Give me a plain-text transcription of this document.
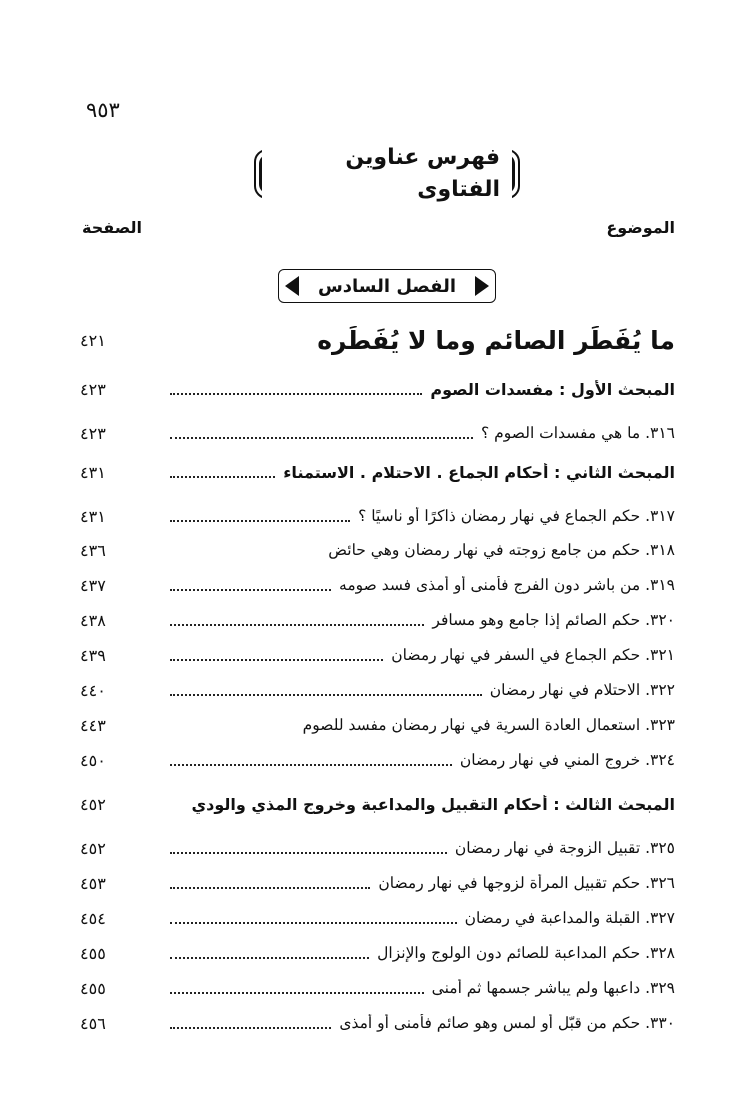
٩٥٣
فهرس عناوين الفتاوى
الموضوع
الصفحة
الفصل السادس
٤٢١	ما يُفَطِّر الصائم وما لا يُفَطِّره
٤٢٣	المبحث الأول : مفسدات الصوم
٤٢٣	٣١٦. ما هي مفسدات الصوم ؟
٤٣١	المبحث الثاني : أحكام الجماع . الاحتلام . الاستمناء
٤٣١	٣١٧. حكم الجماع في نهار رمضان ذاكرًا أو ناسيًا ؟
٤٣٦	٣١٨. حكم من جامع زوجته في نهار رمضان وهي حائض
٤٣٧	٣١٩. من باشر دون الفرج فأمنى أو أمذى فسد صومه
٤٣٨	٣٢٠. حكم الصائم إذا جامع وهو مسافر
٤٣٩	٣٢١. حكم الجماع في السفر في نهار رمضان
٤٤٠	٣٢٢. الاحتلام في نهار رمضان
٤٤٣	٣٢٣. استعمال العادة السرية في نهار رمضان مفسد للصوم
٤٥٠	٣٢٤. خروج المني في نهار رمضان
٤٥٢	المبحث الثالث : أحكام التقبيل والمداعبة وخروج المذي والودي
٤٥٢	٣٢٥. تقبيل الزوجة في نهار رمضان
٤٥٣	٣٢٦. حكم تقبيل المرأة لزوجها في نهار رمضان
٤٥٤	٣٢٧. القبلة والمداعبة في رمضان
٤٥٥	٣٢٨. حكم المداعبة للصائم دون الولوج والإنزال
٤٥٥	٣٢٩. داعبها ولم يباشر جسمها ثم أمنى
٤٥٦	٣٣٠. حكم من قبّل أو لمس وهو صائم فأمنى أو أمذى
